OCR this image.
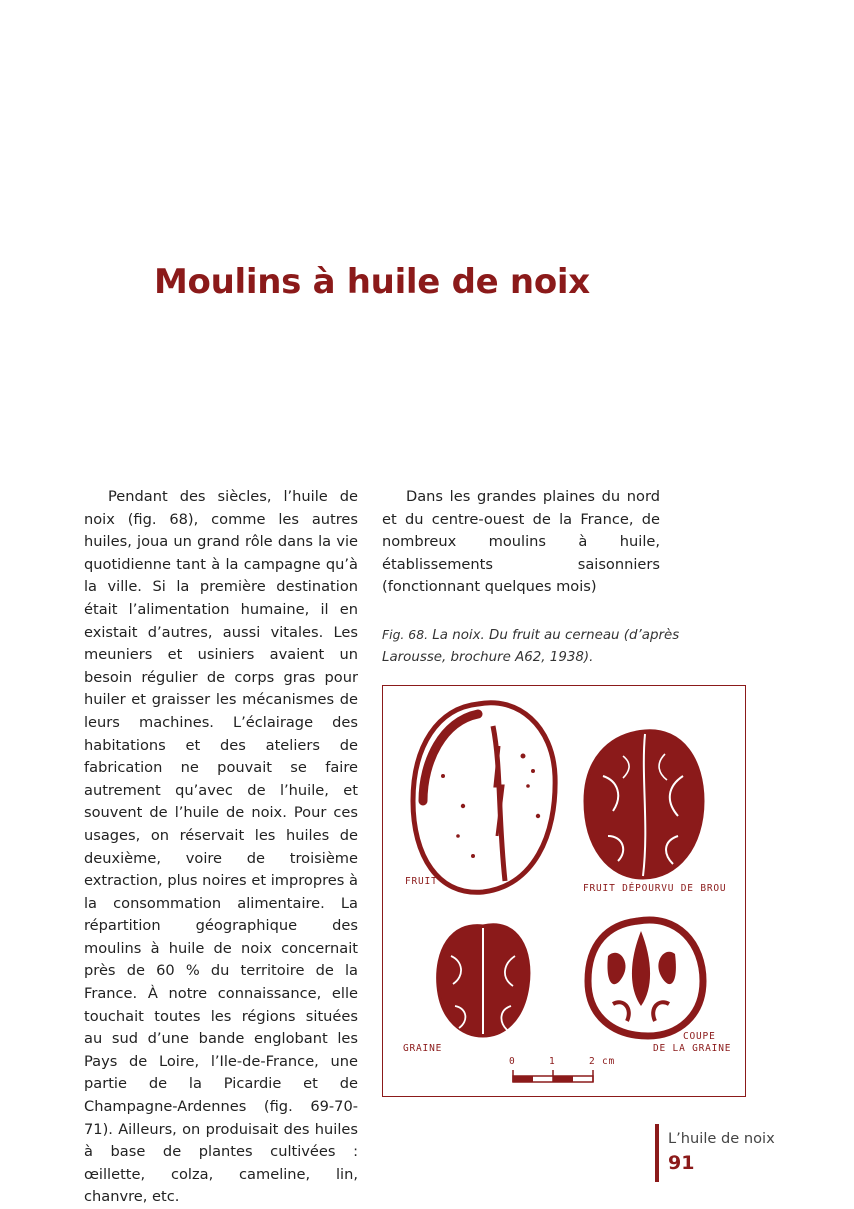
Moulins à huile de noix

Pendant des siècles, l’huile de noix (fig. 68), comme les autres huiles, joua un grand rôle dans la vie quotidienne tant à la campagne qu’à la ville. Si la première destination était l’alimentation humaine, il en existait d’autres, aussi vitales. Les meuniers et usiniers avaient un besoin régulier de corps gras pour huiler et graisser les mécanismes de leurs machines. L’éclairage des habitations et des ateliers de fabrication ne pouvait se faire autrement qu’avec de l’huile, et souvent de l’huile de noix. Pour ces usages, on réservait les huiles de deuxième, voire de troisième extraction, plus noires et impropres à la consommation alimentaire. La répartition géographique des moulins à huile de noix concernait près de 60 % du territoire de la France. À notre connaissance, elle touchait toutes les régions situées au sud d’une bande englobant les Pays de Loire, l’Ile-de-France, une partie de la Picardie et de Champagne-Ardennes (fig. 69-70-71). Ailleurs, on produisait des huiles à base de plantes cultivées : œillette, colza, cameline, lin, chanvre, etc.

Dans les grandes plaines du nord et du centre-ouest de la France, de nombreux moulins à huile, établissements saisonniers (fonctionnant quelques mois)

Fig. 68. La noix. Du fruit au cerneau (d’après Larousse, brochure A62, 1938).

FRUIT
FRUIT DÉPOURVU DE BROU
GRAINE
COUPE
DE LA GRAINE
0	1	2 cm
L’huile de noix
91
